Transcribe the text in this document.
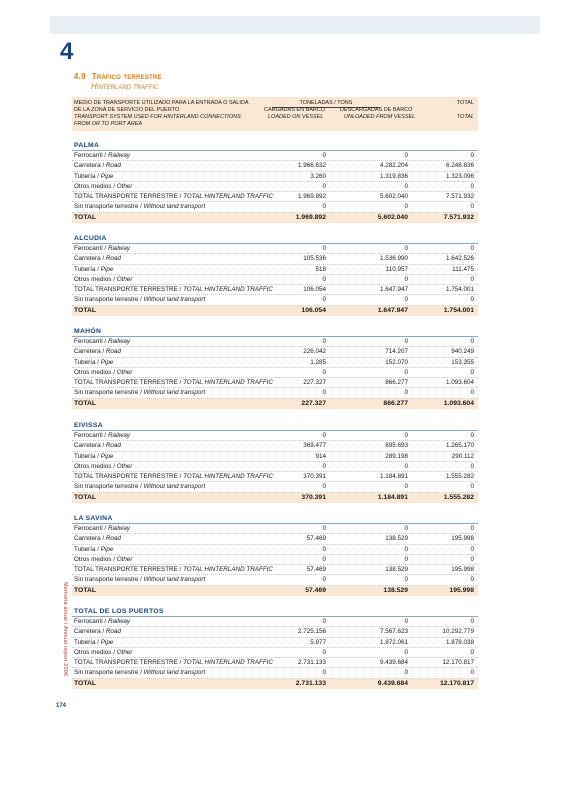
4
4.9 Tráfico terrestre
Hinterland traffic
MEDIO DE TRANSPORTE UTILIZADO PARA LA ENTRADA O SALIDA
DE LA ZONA DE SERVICIO DEL PUERTO
TRANSPORT SYSTEM USED FOR HINTERLAND CONNECTIONS
FROM OR TO PORT AREA
TONELADAS / TONS
CARGADAS EN BARCO
LOADED ON VESSEL
DESCARGADAS DE BARCO
UNLOADED FROM VESSEL
TOTAL
TOTAL
PALMA
Ferrocarril / Railway	0	0	0
Carretera / Road	1.966.632	4.282.204	6.248.836
Tubería / Pipe	3.260	1.319.836	1.323.096
Otros medios / Other	0	0	0
TOTAL TRANSPORTE TERRESTRE / TOTAL HINTERLAND TRAFFIC	1.969.892	5.602.040	7.571.932
Sin transporte terrestre / Without land transport	0	0	0
TOTAL	1.969.892	5.602.040	7.571.932
ALCUDIA
Ferrocarril / Railway	0	0	0
Carretera / Road	105.536	1.536.990	1.642.526
Tubería / Pipe	518	110.957	111.475
Otros medios / Other	0	0	0
TOTAL TRANSPORTE TERRESTRE / TOTAL HINTERLAND TRAFFIC	106.054	1.647.947	1.754.001
Sin transporte terrestre / Without land transport	0	0	0
TOTAL	106.054	1.647.947	1.754.001
MAHÓN
Ferrocarril / Railway	0	0	0
Carretera / Road	226.042	714.207	940.249
Tubería / Pipe	1.285	152.070	153.355
Otros medios / Other	0	0	0
TOTAL TRANSPORTE TERRESTRE / TOTAL HINTERLAND TRAFFIC	227.327	866.277	1.093.604
Sin transporte terrestre / Without land transport	0	0	0
TOTAL	227.327	866.277	1.093.604
EIVISSA
Ferrocarril / Railway	0	0	0
Carretera / Road	369.477	895.693	1.265.170
Tubería / Pipe	914	289.198	290.112
Otros medios / Other	0	0	0
TOTAL TRANSPORTE TERRESTRE / TOTAL HINTERLAND TRAFFIC	370.391	1.184.891	1.555.282
Sin transporte terrestre / Without land transport	0	0	0
TOTAL	370.391	1.184.891	1.555.282
LA SAVINA
Ferrocarril / Railway	0	0	0
Carretera / Road	57.469	138.529	195.998
Tubería / Pipe	0	0	0
Otros medios / Other	0	0	0
TOTAL TRANSPORTE TERRESTRE / TOTAL HINTERLAND TRAFFIC	57.469	138.529	195.998
Sin transporte terrestre / Without land transport	0	0	0
TOTAL	57.469	138.529	195.998
TOTAL DE LOS PUERTOS
Ferrocarril / Railway	0	0	0
Carretera / Road	2.725.156	7.567.623	10.292.779
Tubería / Pipe	5.977	1.872.061	1.878.038
Otros medios / Other	0	0	0
TOTAL TRANSPORTE TERRESTRE / TOTAL HINTERLAND TRAFFIC	2.731.133	9.439.684	12.170.817
Sin transporte terrestre / Without land transport	0	0	0
TOTAL	2.731.133	9.439.684	12.170.817
Memoria anual / Annual report 2006
174
